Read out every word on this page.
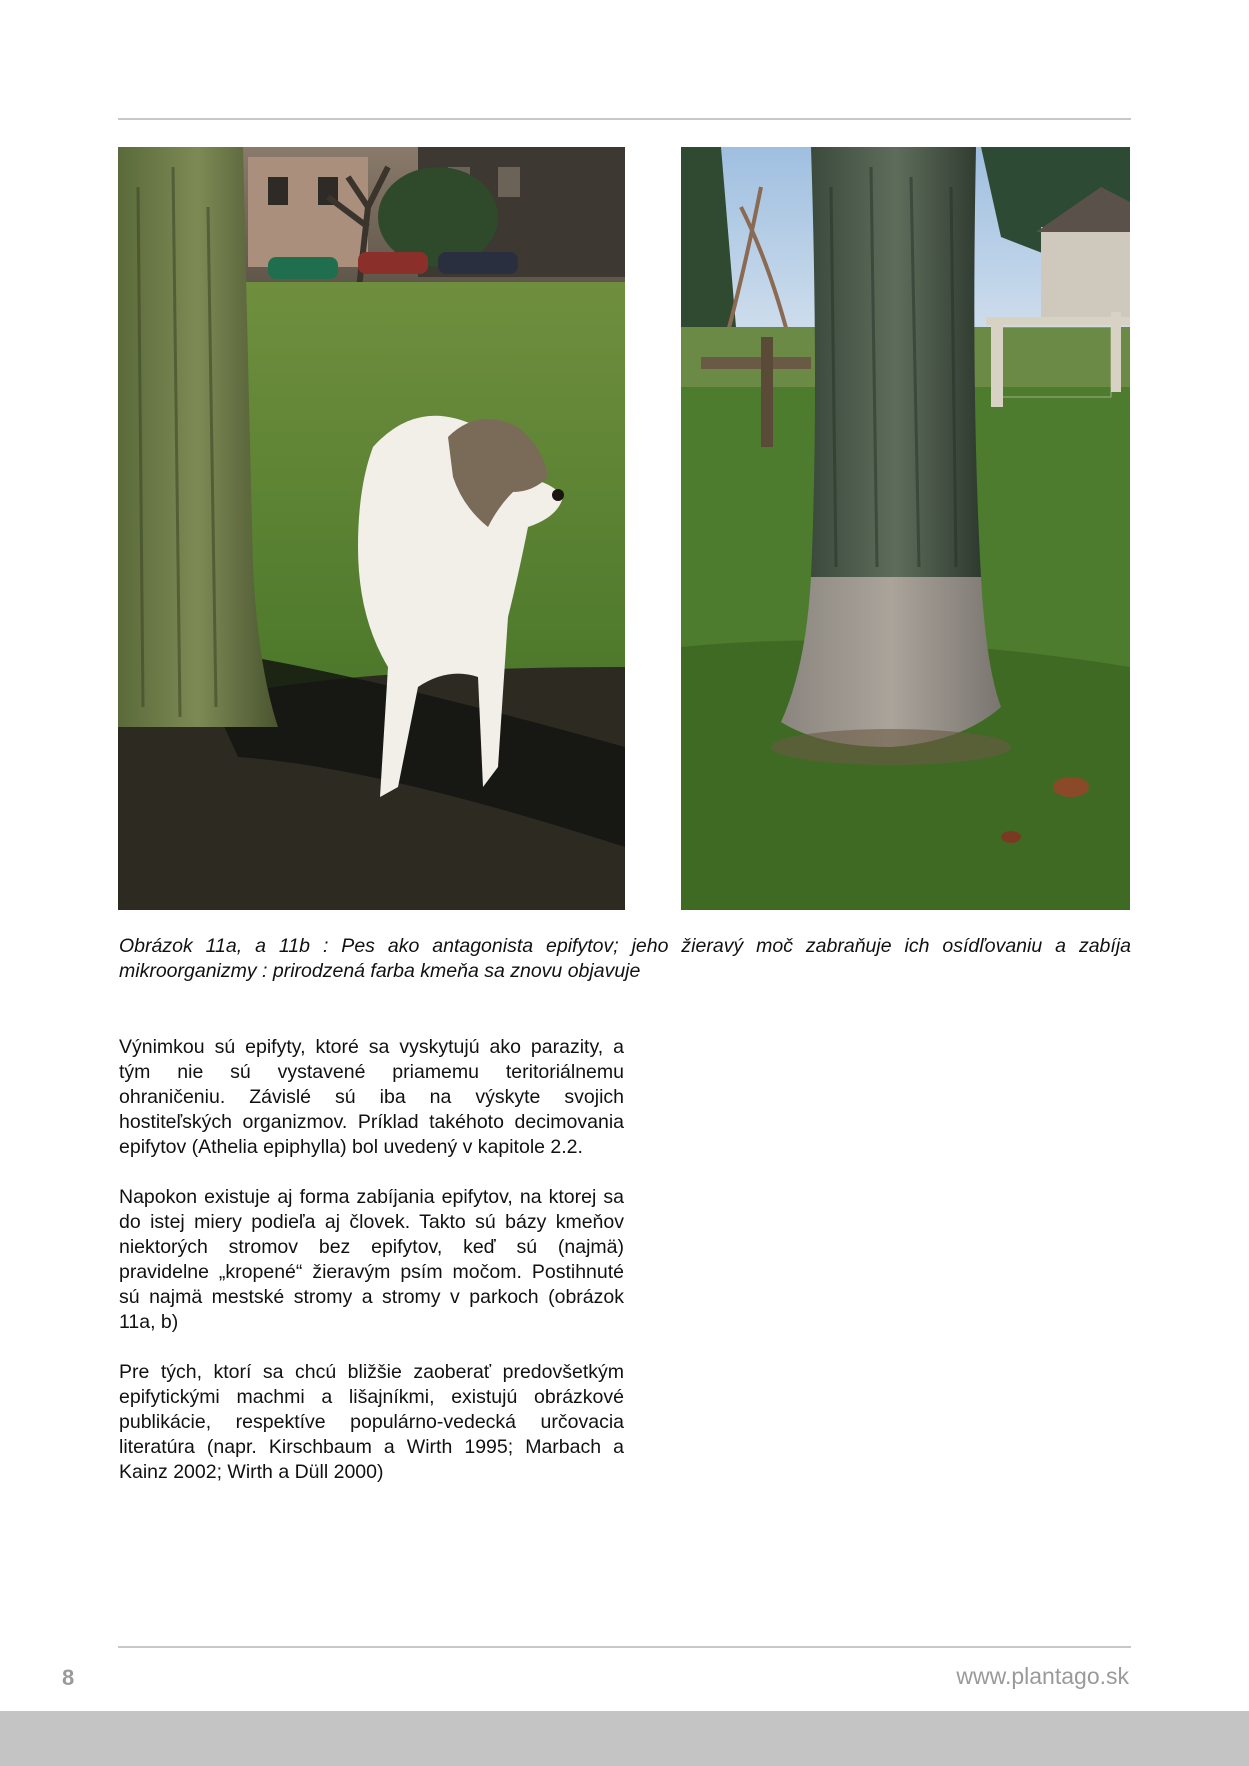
Obrázok 11a, a 11b : Pes ako antagonista epifytov; jeho žieravý moč zabraňuje ich osídľovaniu a zabíja mikroorganizmy : prirodzená farba kmeňa sa znovu objavuje

Výnimkou sú epifyty, ktoré sa vyskytujú ako parazity, a tým nie sú vystavené priamemu teritoriálnemu ohraničeniu. Závislé sú iba na výskyte svojich hostiteľských organizmov. Príklad takéhoto decimovania epifytov (Athelia epiphylla) bol uvedený v kapitole 2.2.

Napokon existuje aj forma zabíjania epifytov, na ktorej sa do istej miery podieľa aj človek. Takto sú bázy kmeňov niektorých stromov bez epifytov, keď sú (najmä) pravidelne „kropené“ žieravým psím močom. Postihnuté sú najmä mestské stromy a stromy v parkoch (obrázok 11a, b)

Pre tých, ktorí sa chcú bližšie zaoberať predovšetkým epifytickými machmi a lišajníkmi, existujú obrázkové publikácie, respektíve populárno-vedecká určovacia literatúra (napr. Kirschbaum a Wirth 1995; Marbach a Kainz 2002; Wirth a Düll 2000)

8	www.plantago.sk
